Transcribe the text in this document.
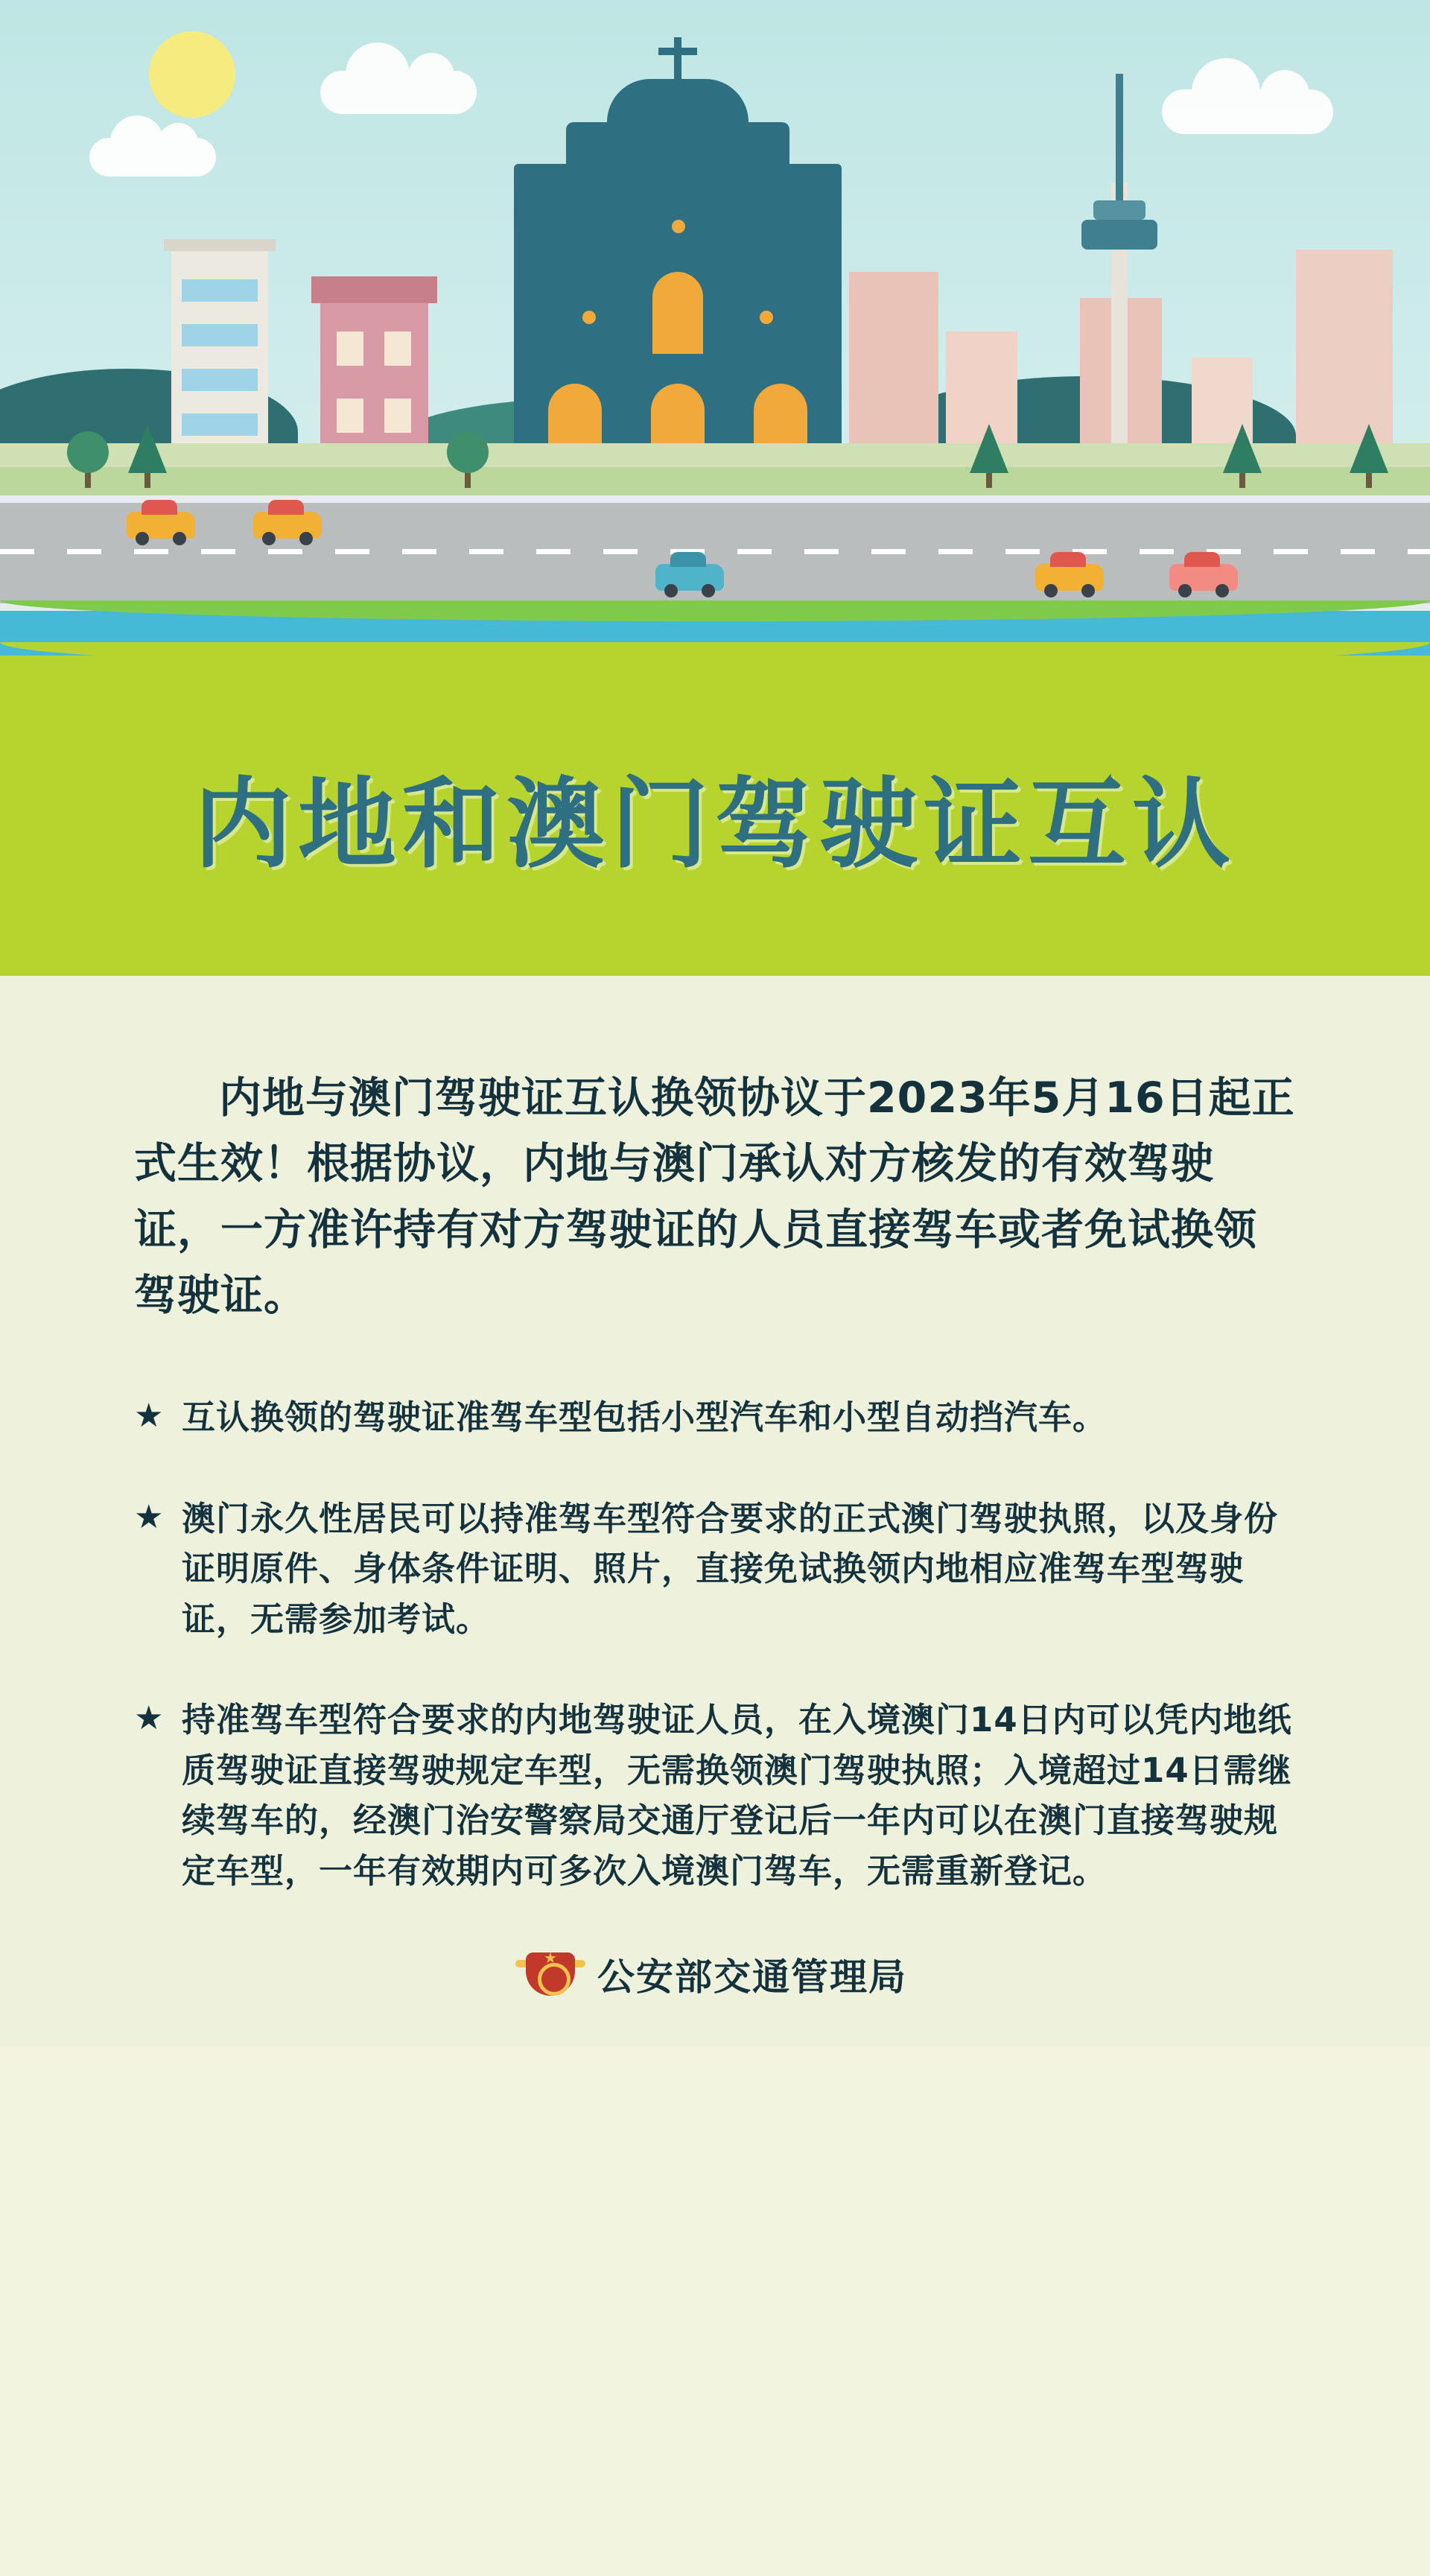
内地和澳门驾驶证互认

内地与澳门驾驶证互认换领协议于2023年5月16日起正式生效！根据协议，内地与澳门承认对方核发的有效驾驶证，一方准许持有对方驾驶证的人员直接驾车或者免试换领驾驶证。

★ 互认换领的驾驶证准驾车型包括小型汽车和小型自动挡汽车。
★ 澳门永久性居民可以持准驾车型符合要求的正式澳门驾驶执照，以及身份证明原件、身体条件证明、照片，直接免试换领内地相应准驾车型驾驶证，无需参加考试。
★ 持准驾车型符合要求的内地驾驶证人员，在入境澳门14日内可以凭内地纸质驾驶证直接驾驶规定车型，无需换领澳门驾驶执照；入境超过14日需继续驾车的，经澳门治安警察局交通厅登记后一年内可以在澳门直接驾驶规定车型，一年有效期内可多次入境澳门驾车，无需重新登记。
★ 公安部交通管理局
